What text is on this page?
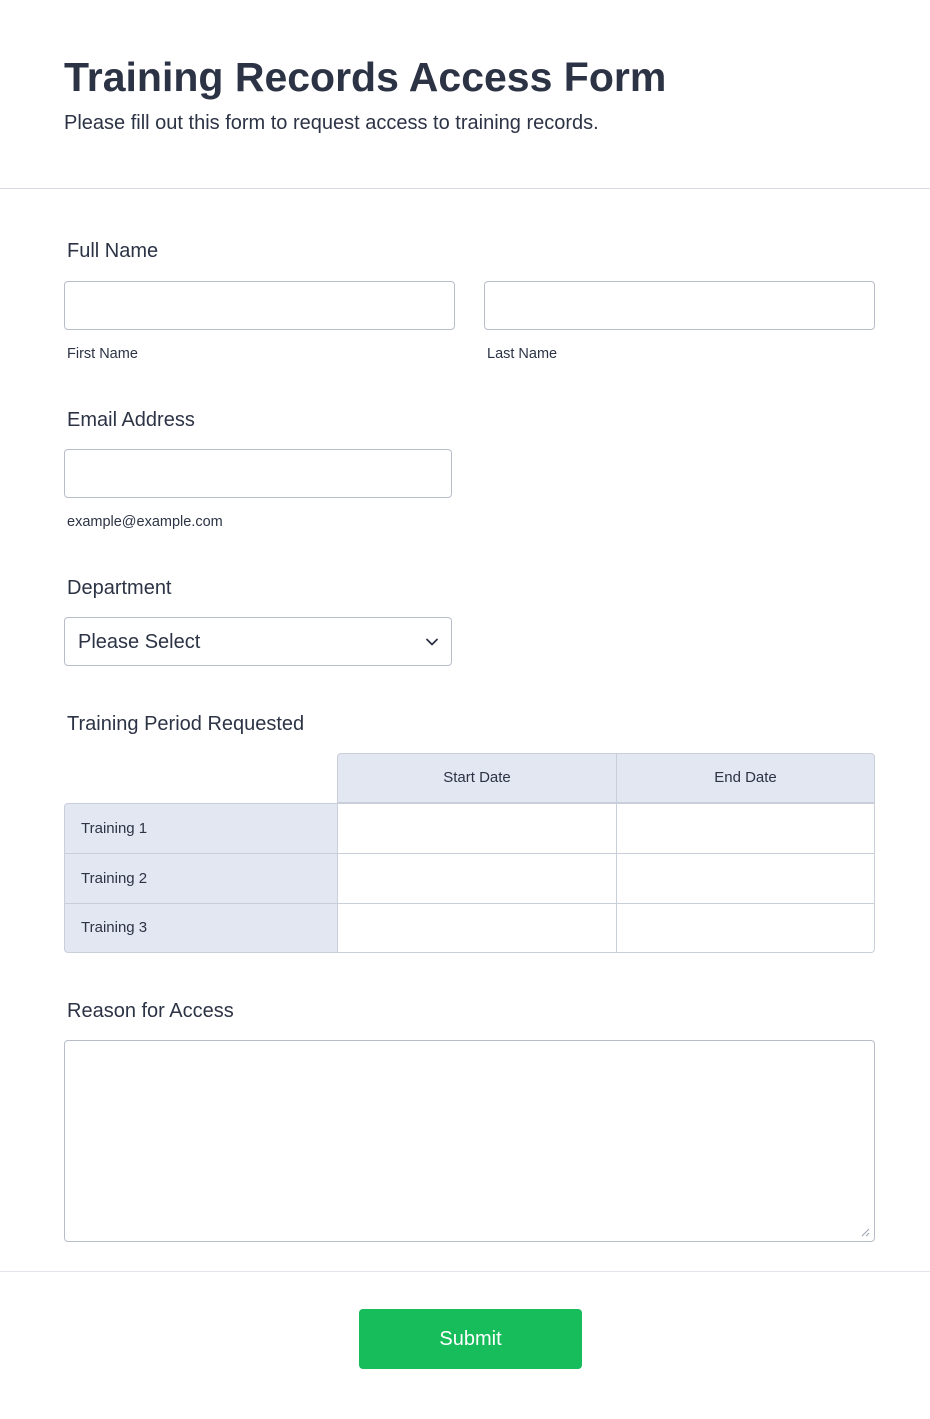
Training Records Access Form

Please fill out this form to request access to training records.

Full Name
First Name	Last Name
Email Address
example@example.com
Department
Please Select
Training Period Requested
Start Date	End Date
Training 1
Training 2
Training 3
Reason for Access
Submit
